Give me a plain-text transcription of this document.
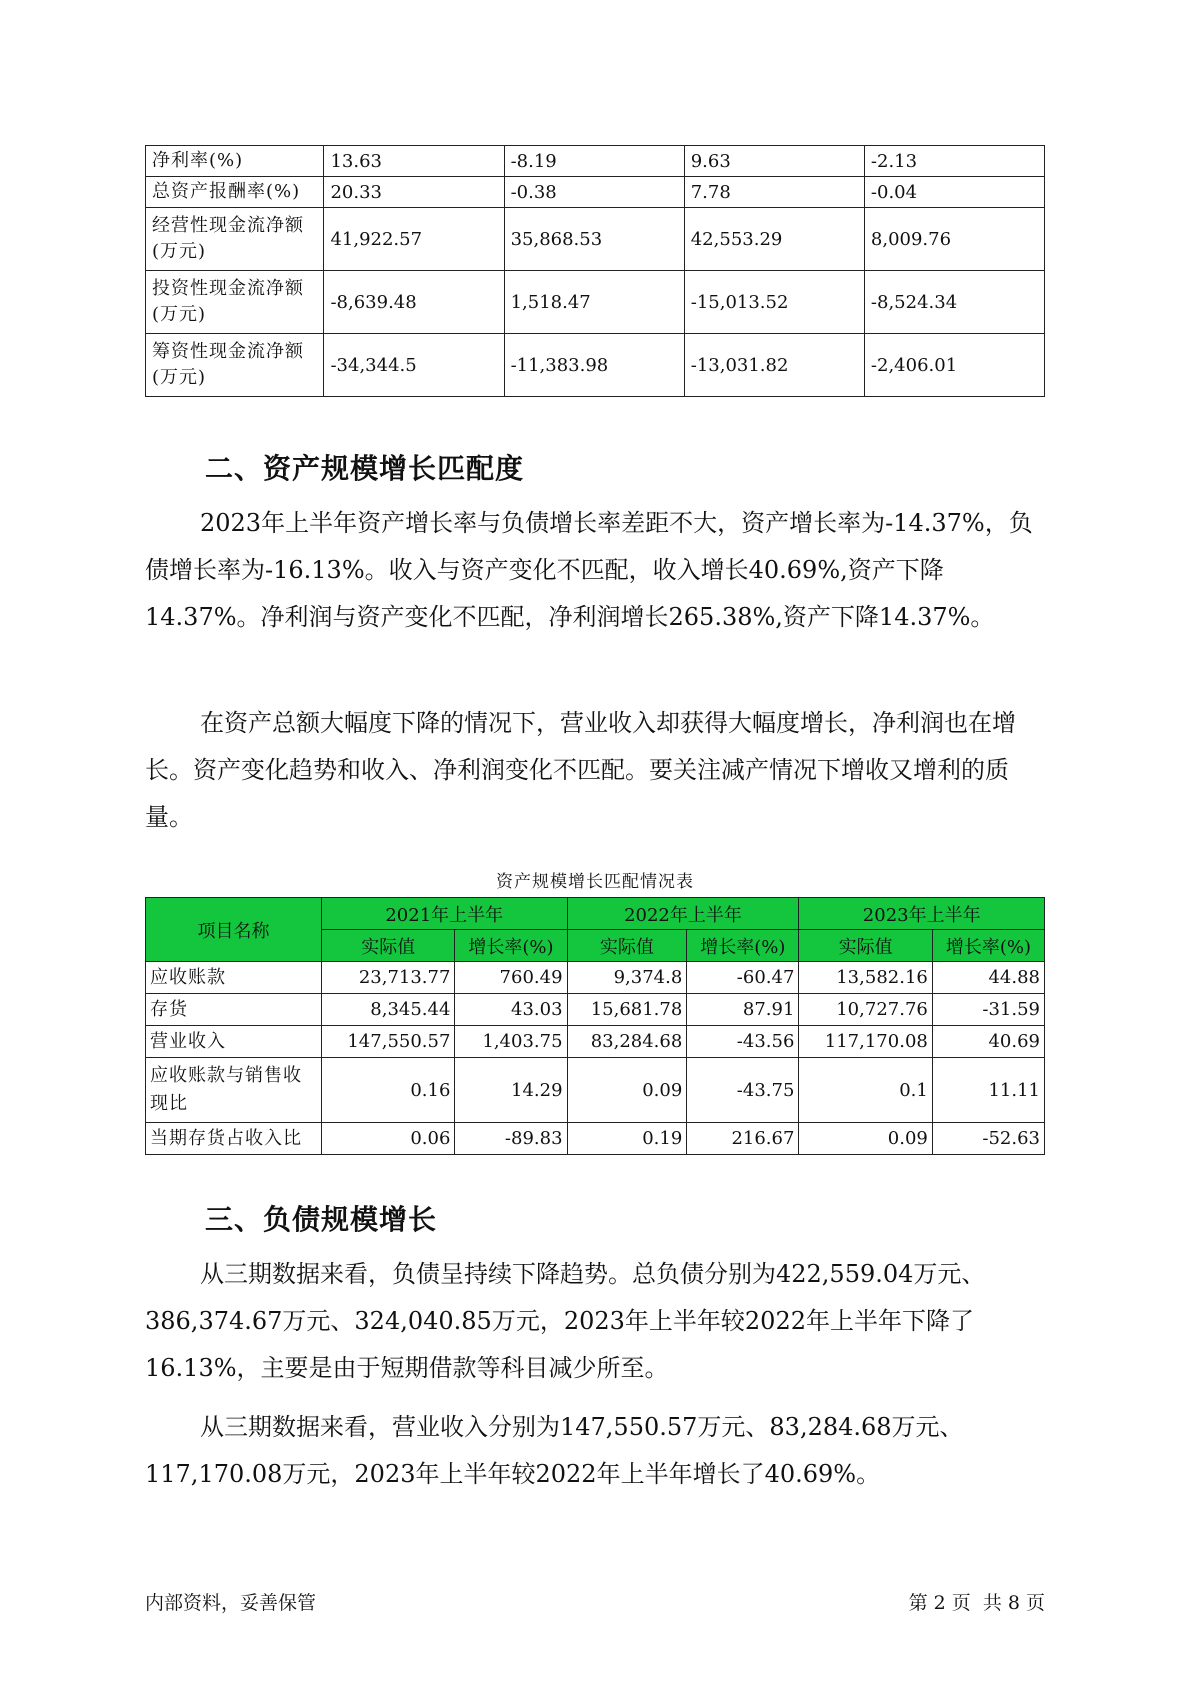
净利率(%)	13.63	-8.19	9.63	-2.13
总资产报酬率(%)	20.33	-0.38	7.78	-0.04
经营性现金流净额(万元)	41,922.57	35,868.53	42,553.29	8,009.76
投资性现金流净额(万元)	-8,639.48	1,518.47	-15,013.52	-8,524.34
筹资性现金流净额(万元)	-34,344.5	-11,383.98	-13,031.82	-2,406.01
二、资产规模增长匹配度

2023年上半年资产增长率与负债增长率差距不大，资产增长率为-14.37%，负债增长率为-16.13%。收入与资产变化不匹配，收入增长40.69%,资产下降14.37%。净利润与资产变化不匹配，净利润增长265.38%,资产下降14.37%。

在资产总额大幅度下降的情况下，营业收入却获得大幅度增长，净利润也在增长。资产变化趋势和收入、净利润变化不匹配。要关注减产情况下增收又增利的质量。

资产规模增长匹配情况表
项目名称	2021年上半年		2022年上半年		2023年上半年	
	实际值	增长率(%)	实际值	增长率(%)	实际值	增长率(%)
应收账款	23,713.77	760.49	9,374.8	-60.47	13,582.16	44.88
存货	8,345.44	43.03	15,681.78	87.91	10,727.76	-31.59
营业收入	147,550.57	1,403.75	83,284.68	-43.56	117,170.08	40.69
应收账款与销售收现比	0.16	14.29	0.09	-43.75	0.1	11.11
当期存货占收入比	0.06	-89.83	0.19	216.67	0.09	-52.63
三、负债规模增长

从三期数据来看，负债呈持续下降趋势。总负债分别为422,559.04万元、386,374.67万元、324,040.85万元，2023年上半年较2022年上半年下降了16.13%，主要是由于短期借款等科目减少所至。

从三期数据来看，营业收入分别为147,550.57万元、83,284.68万元、117,170.08万元，2023年上半年较2022年上半年增长了40.69%。

内部资料，妥善保管	第 2 页  共 8 页
